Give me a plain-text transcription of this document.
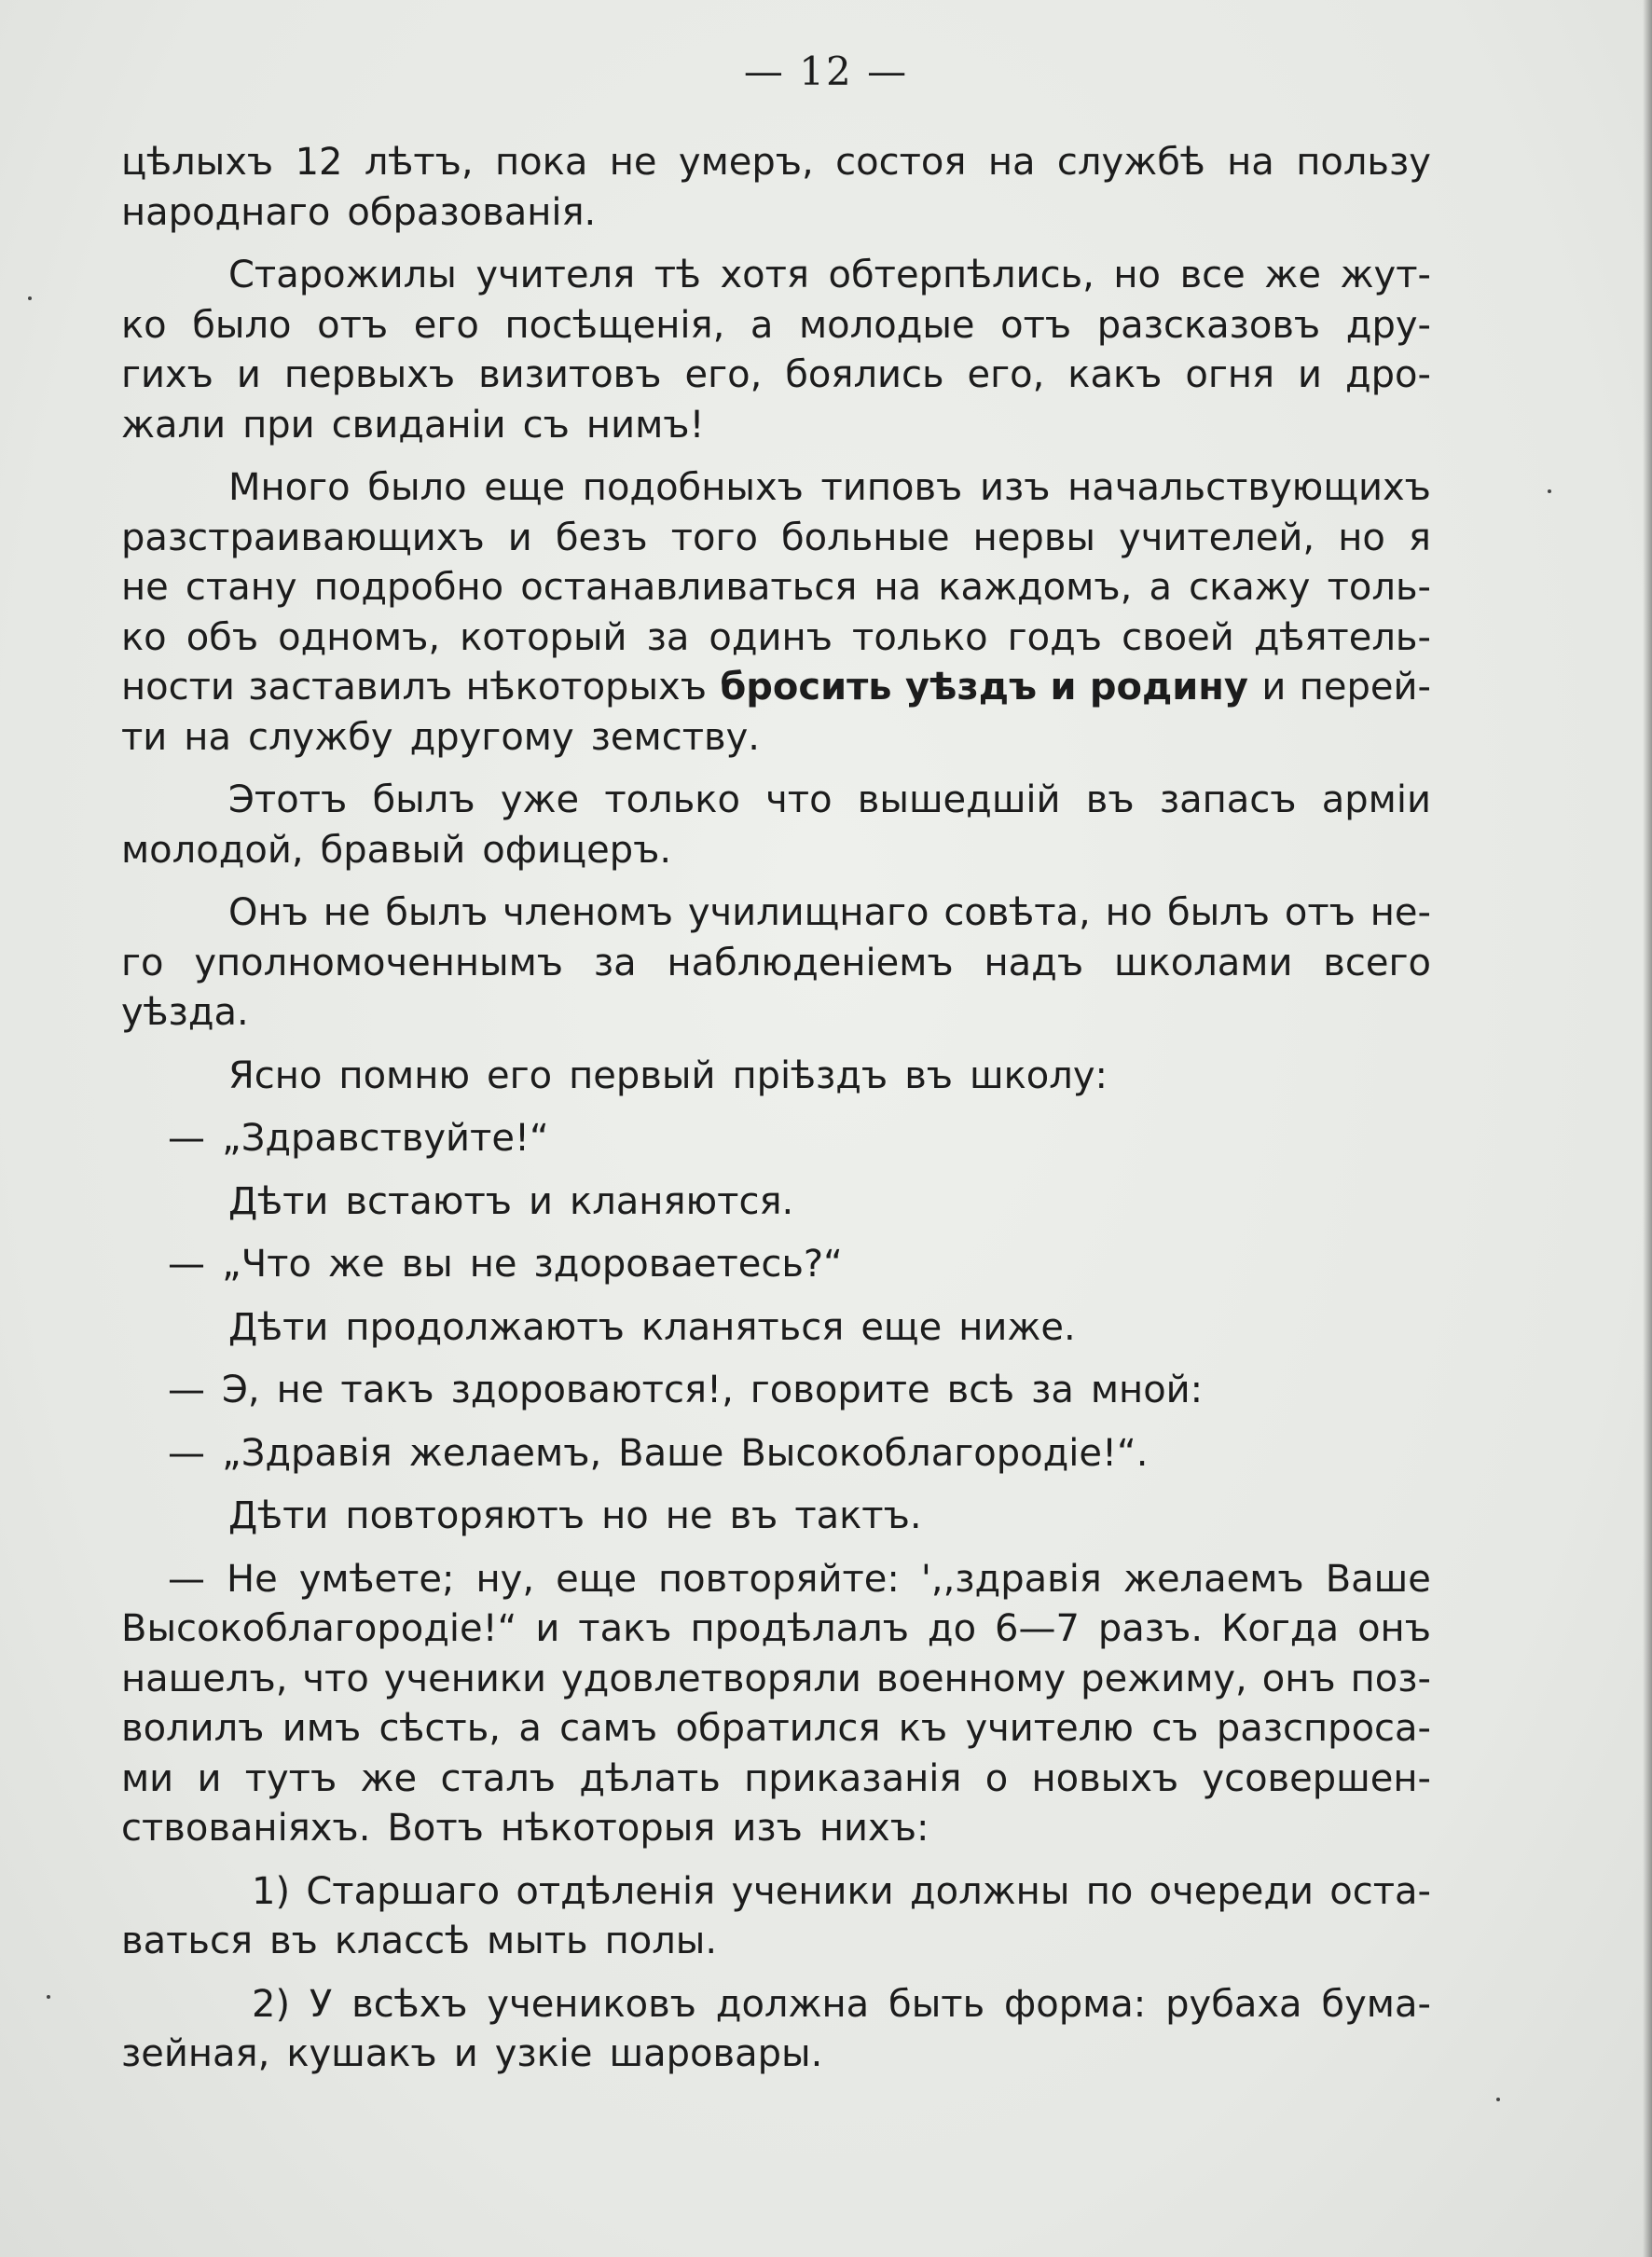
— 12 —
цѣлыхъ 12 лѣтъ, пока не умеръ, состоя на службѣ на пользу
народнаго образованія.
Старожилы учителя тѣ хотя обтерпѣлись, но все же жут-
ко было отъ его посѣщенія, а молодые отъ разсказовъ дру-
гихъ и первыхъ визитовъ его, боялись его, какъ огня и дро-
жали при свиданіи съ нимъ!
Много было еще подобныхъ типовъ изъ начальствующихъ
разстраивающихъ и безъ того больные нервы учителей, но я
не стану подробно останавливаться на каждомъ, а скажу толь-
ко объ одномъ, который за одинъ только годъ своей дѣятель-
ности заставилъ нѣкоторыхъ бросить уѣздъ и родину и перей-
ти на службу другому земству.
Этотъ былъ уже только что вышедшій въ запасъ арміи
молодой, бравый офицеръ.
Онъ не былъ членомъ училищнаго совѣта, но былъ отъ не-
го уполномоченнымъ за наблюденіемъ надъ школами всего
уѣзда.
Ясно помню его первый пріѣздъ въ школу:
— „Здравствуйте!“
Дѣти встаютъ и кланяются.
— „Что же вы не здороваетесь?“
Дѣти продолжаютъ кланяться еще ниже.
— Э, не такъ здороваются!, говорите всѣ за мной:
— „Здравія желаемъ, Ваше Высокоблагородіе!“.
Дѣти повторяютъ но не въ тактъ.
— Не умѣете; ну, еще повторяйте: ',,здравія желаемъ Ваше
Высокоблагородіе!“ и такъ продѣлалъ до 6—7 разъ. Когда онъ
нашелъ, что ученики удовлетворяли военному режиму, онъ поз-
волилъ имъ сѣсть, а самъ обратился къ учителю съ разспроса-
ми и тутъ же сталъ дѣлать приказанія о новыхъ усовершен-
ствованіяхъ. Вотъ нѣкоторыя изъ нихъ:
1) Старшаго отдѣленія ученики должны по очереди оста-
ваться въ классѣ мыть полы.
2) У всѣхъ учениковъ должна быть форма: рубаха бума-
зейная, кушакъ и узкіе шаровары.
